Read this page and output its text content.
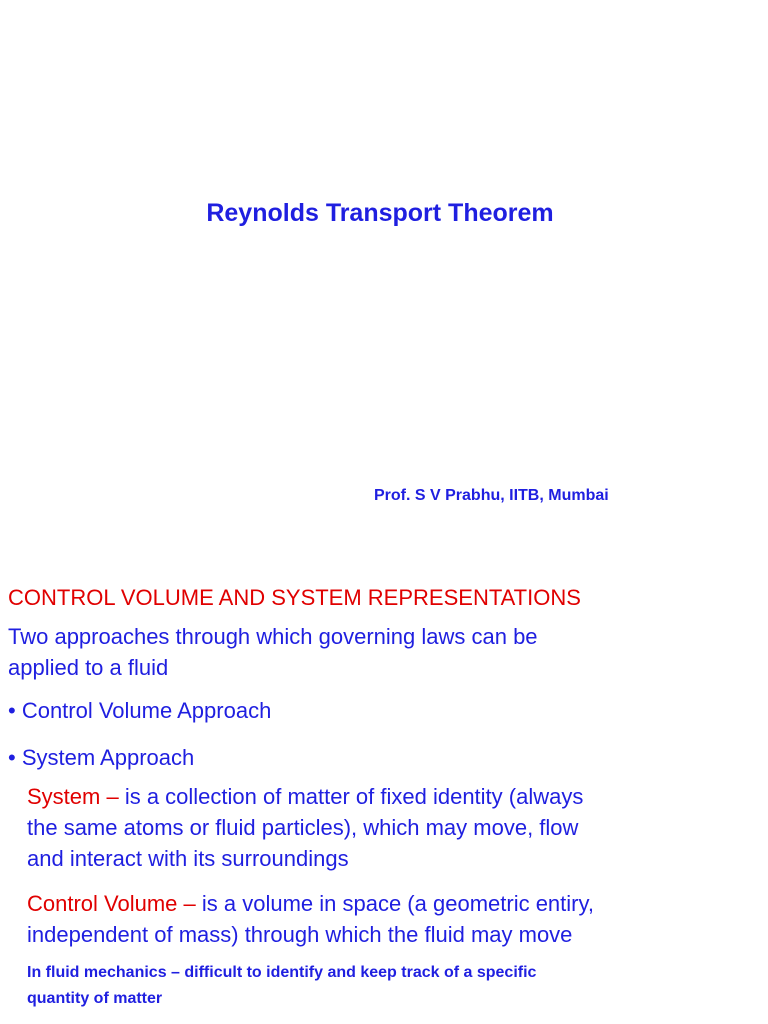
Reynolds Transport Theorem
Prof. S V Prabhu, IITB, Mumbai
CONTROL VOLUME AND SYSTEM REPRESENTATIONS
Two approaches through which governing laws can be
applied to a fluid
• Control Volume Approach
• System Approach
System – is a collection of matter of fixed identity (always
the same atoms or fluid particles), which may move, flow
and interact with its surroundings
Control Volume – is a volume in space (a geometric entiry,
independent of mass) through which the fluid may move
In fluid mechanics – difficult to identify and keep track of a specific
quantity of matter
